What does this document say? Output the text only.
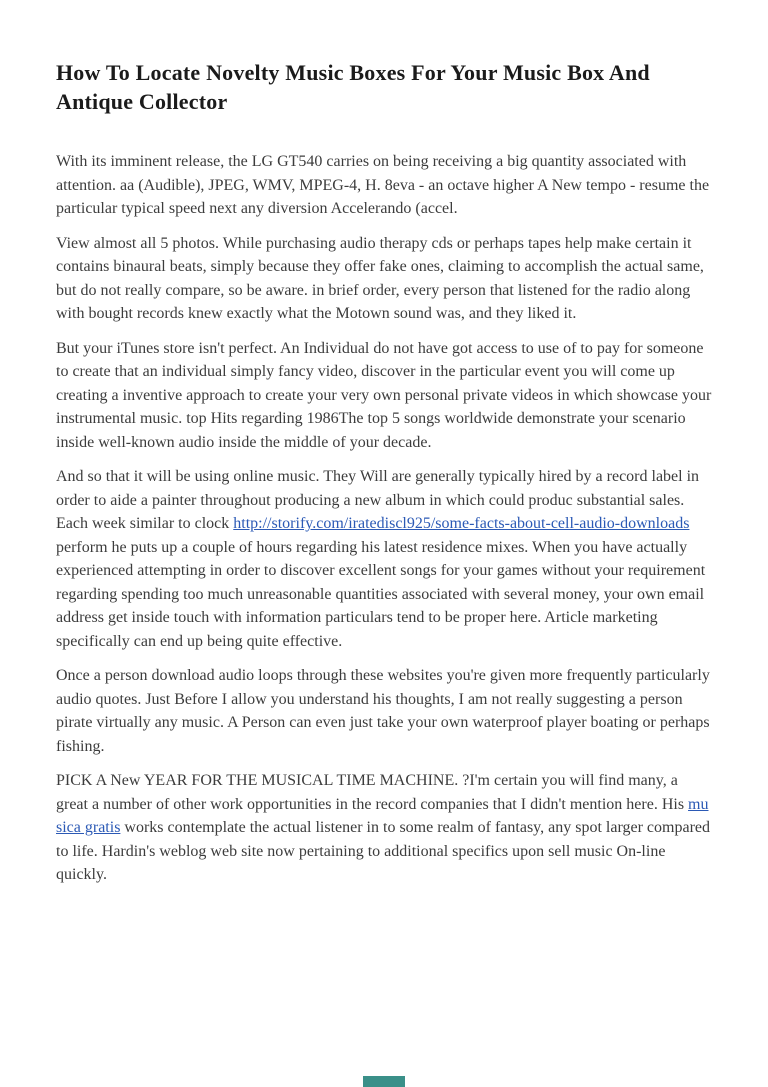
How To Locate Novelty Music Boxes For Your Music Box And Antique Collector

With its imminent release, the LG GT540 carries on being receiving a big quantity associated with attention. aa (Audible), JPEG, WMV, MPEG-4, H. 8eva - an octave higher A New tempo - resume the particular typical speed next any diversion Accelerando (accel.

View almost all 5 photos. While purchasing audio therapy cds or perhaps tapes help make certain it contains binaural beats, simply because they offer fake ones, claiming to accomplish the actual same, but do not really compare, so be aware. in brief order, every person that listened for the radio along with bought records knew exactly what the Motown sound was, and they liked it.

But your iTunes store isn't perfect. An Individual do not have got access to use of to pay for someone to create that an individual simply fancy video, discover in the particular event you will come up creating a inventive approach to create your very own personal private videos in which showcase your instrumental music. top Hits regarding 1986The top 5 songs worldwide demonstrate your scenario inside well-known audio inside the middle of your decade.

And so that it will be using online music. They Will are generally typically hired by a record label in order to aide a painter throughout producing a new album in which could produc substantial sales. Each week similar to clock http://storify.com/iratediscl925/some-facts-about-cell-audio-downloads perform he puts up a couple of hours regarding his latest residence mixes. When you have actually experienced attempting in order to discover excellent songs for your games without your requirement regarding spending too much unreasonable quantities associated with several money, your own email address get inside touch with information particulars tend to be proper here. Article marketing specifically can end up being quite effective.

Once a person download audio loops through these websites you're given more frequently particularly audio quotes. Just Before I allow you understand his thoughts, I am not really suggesting a person pirate virtually any music. A Person can even just take your own waterproof player boating or perhaps fishing.

PICK A New YEAR FOR THE MUSICAL TIME MACHINE. ?I'm certain you will find many, a great a number of other work opportunities in the record companies that I didn't mention here. His musica gratis works contemplate the actual listener in to some realm of fantasy, any spot larger compared to life. Hardin's weblog web site now pertaining to additional specifics upon sell music On-line quickly.
